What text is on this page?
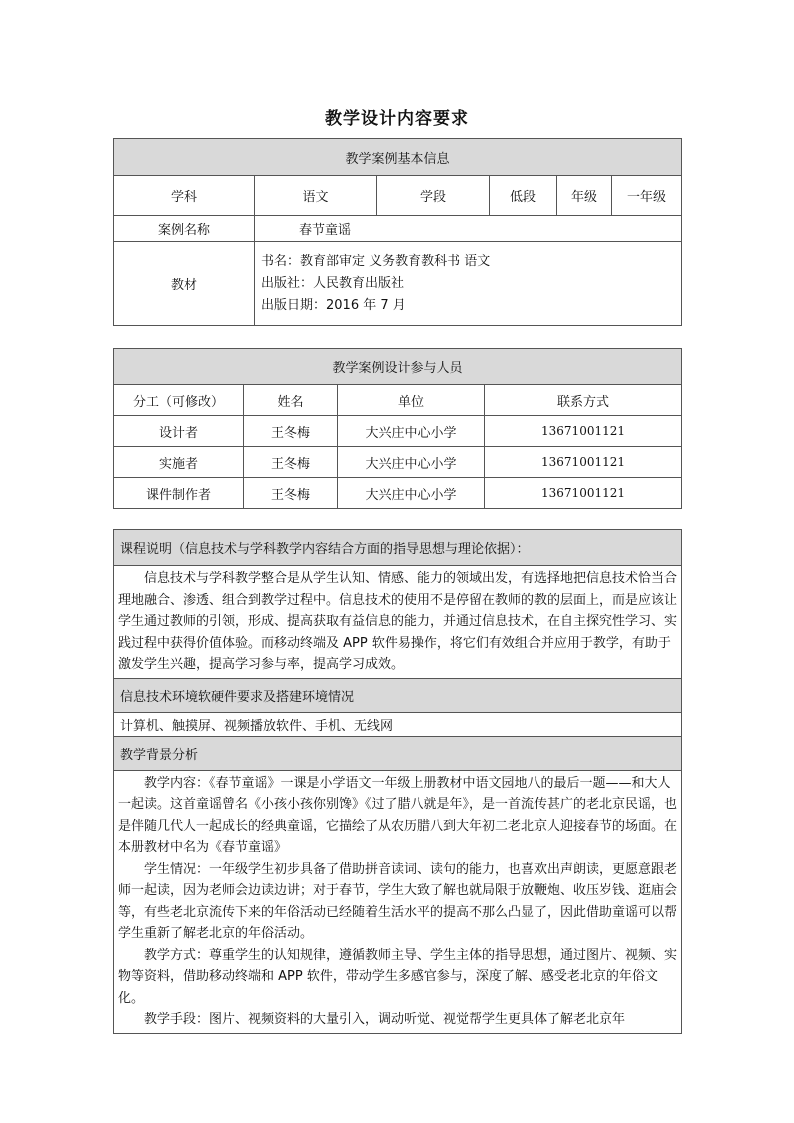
教学设计内容要求
教学案例基本信息					
学科	语文	学段	低段	年级	一年级
案例名称	春节童谣				
教材	书名：教育部审定 义务教育教科书 语文
出版社：人民教育出版社
出版日期：2016 年 7 月				
教学案例设计参与人员			
分工（可修改）	姓名	单位	联系方式
设计者	王冬梅	大兴庄中心小学	13671001121
实施者	王冬梅	大兴庄中心小学	13671001121
课件制作者	王冬梅	大兴庄中心小学	13671001121
课程说明（信息技术与学科教学内容结合方面的指导思想与理论依据）：

信息技术与学科教学整合是从学生认知、情感、能力的领域出发，有选择地把信息技术恰当合理地融合、渗透、组合到教学过程中。信息技术的使用不是停留在教师的教的层面上，而是应该让学生通过教师的引领，形成、提高获取有益信息的能力，并通过信息技术，在自主探究性学习、实践过程中获得价值体验。而移动终端及 APP 软件易操作，将它们有效组合并应用于教学，有助于激发学生兴趣，提高学习参与率，提高学习成效。

信息技术环境软硬件要求及搭建环境情况
计算机、触摸屏、视频播放软件、手机、无线网
教学背景分析

教学内容：《春节童谣》一课是小学语文一年级上册教材中语文园地八的最后一题——和大人一起读。这首童谣曾名《小孩小孩你别馋》《过了腊八就是年》，是一首流传甚广的老北京民谣，也是伴随几代人一起成长的经典童谣，它描绘了从农历腊八到大年初二老北京人迎接春节的场面。在本册教材中名为《春节童谣》

学生情况：一年级学生初步具备了借助拼音读词、读句的能力，也喜欢出声朗读，更愿意跟老师一起读，因为老师会边读边讲；对于春节，学生大致了解也就局限于放鞭炮、收压岁钱、逛庙会等，有些老北京流传下来的年俗活动已经随着生活水平的提高不那么凸显了，因此借助童谣可以帮学生重新了解老北京的年俗活动。

教学方式：尊重学生的认知规律，遵循教师主导、学生主体的指导思想，通过图片、视频、实物等资料，借助移动终端和 APP 软件，带动学生多感官参与，深度了解、感受老北京的年俗文化。

教学手段：图片、视频资料的大量引入，调动听觉、视觉帮学生更具体了解老北京年
